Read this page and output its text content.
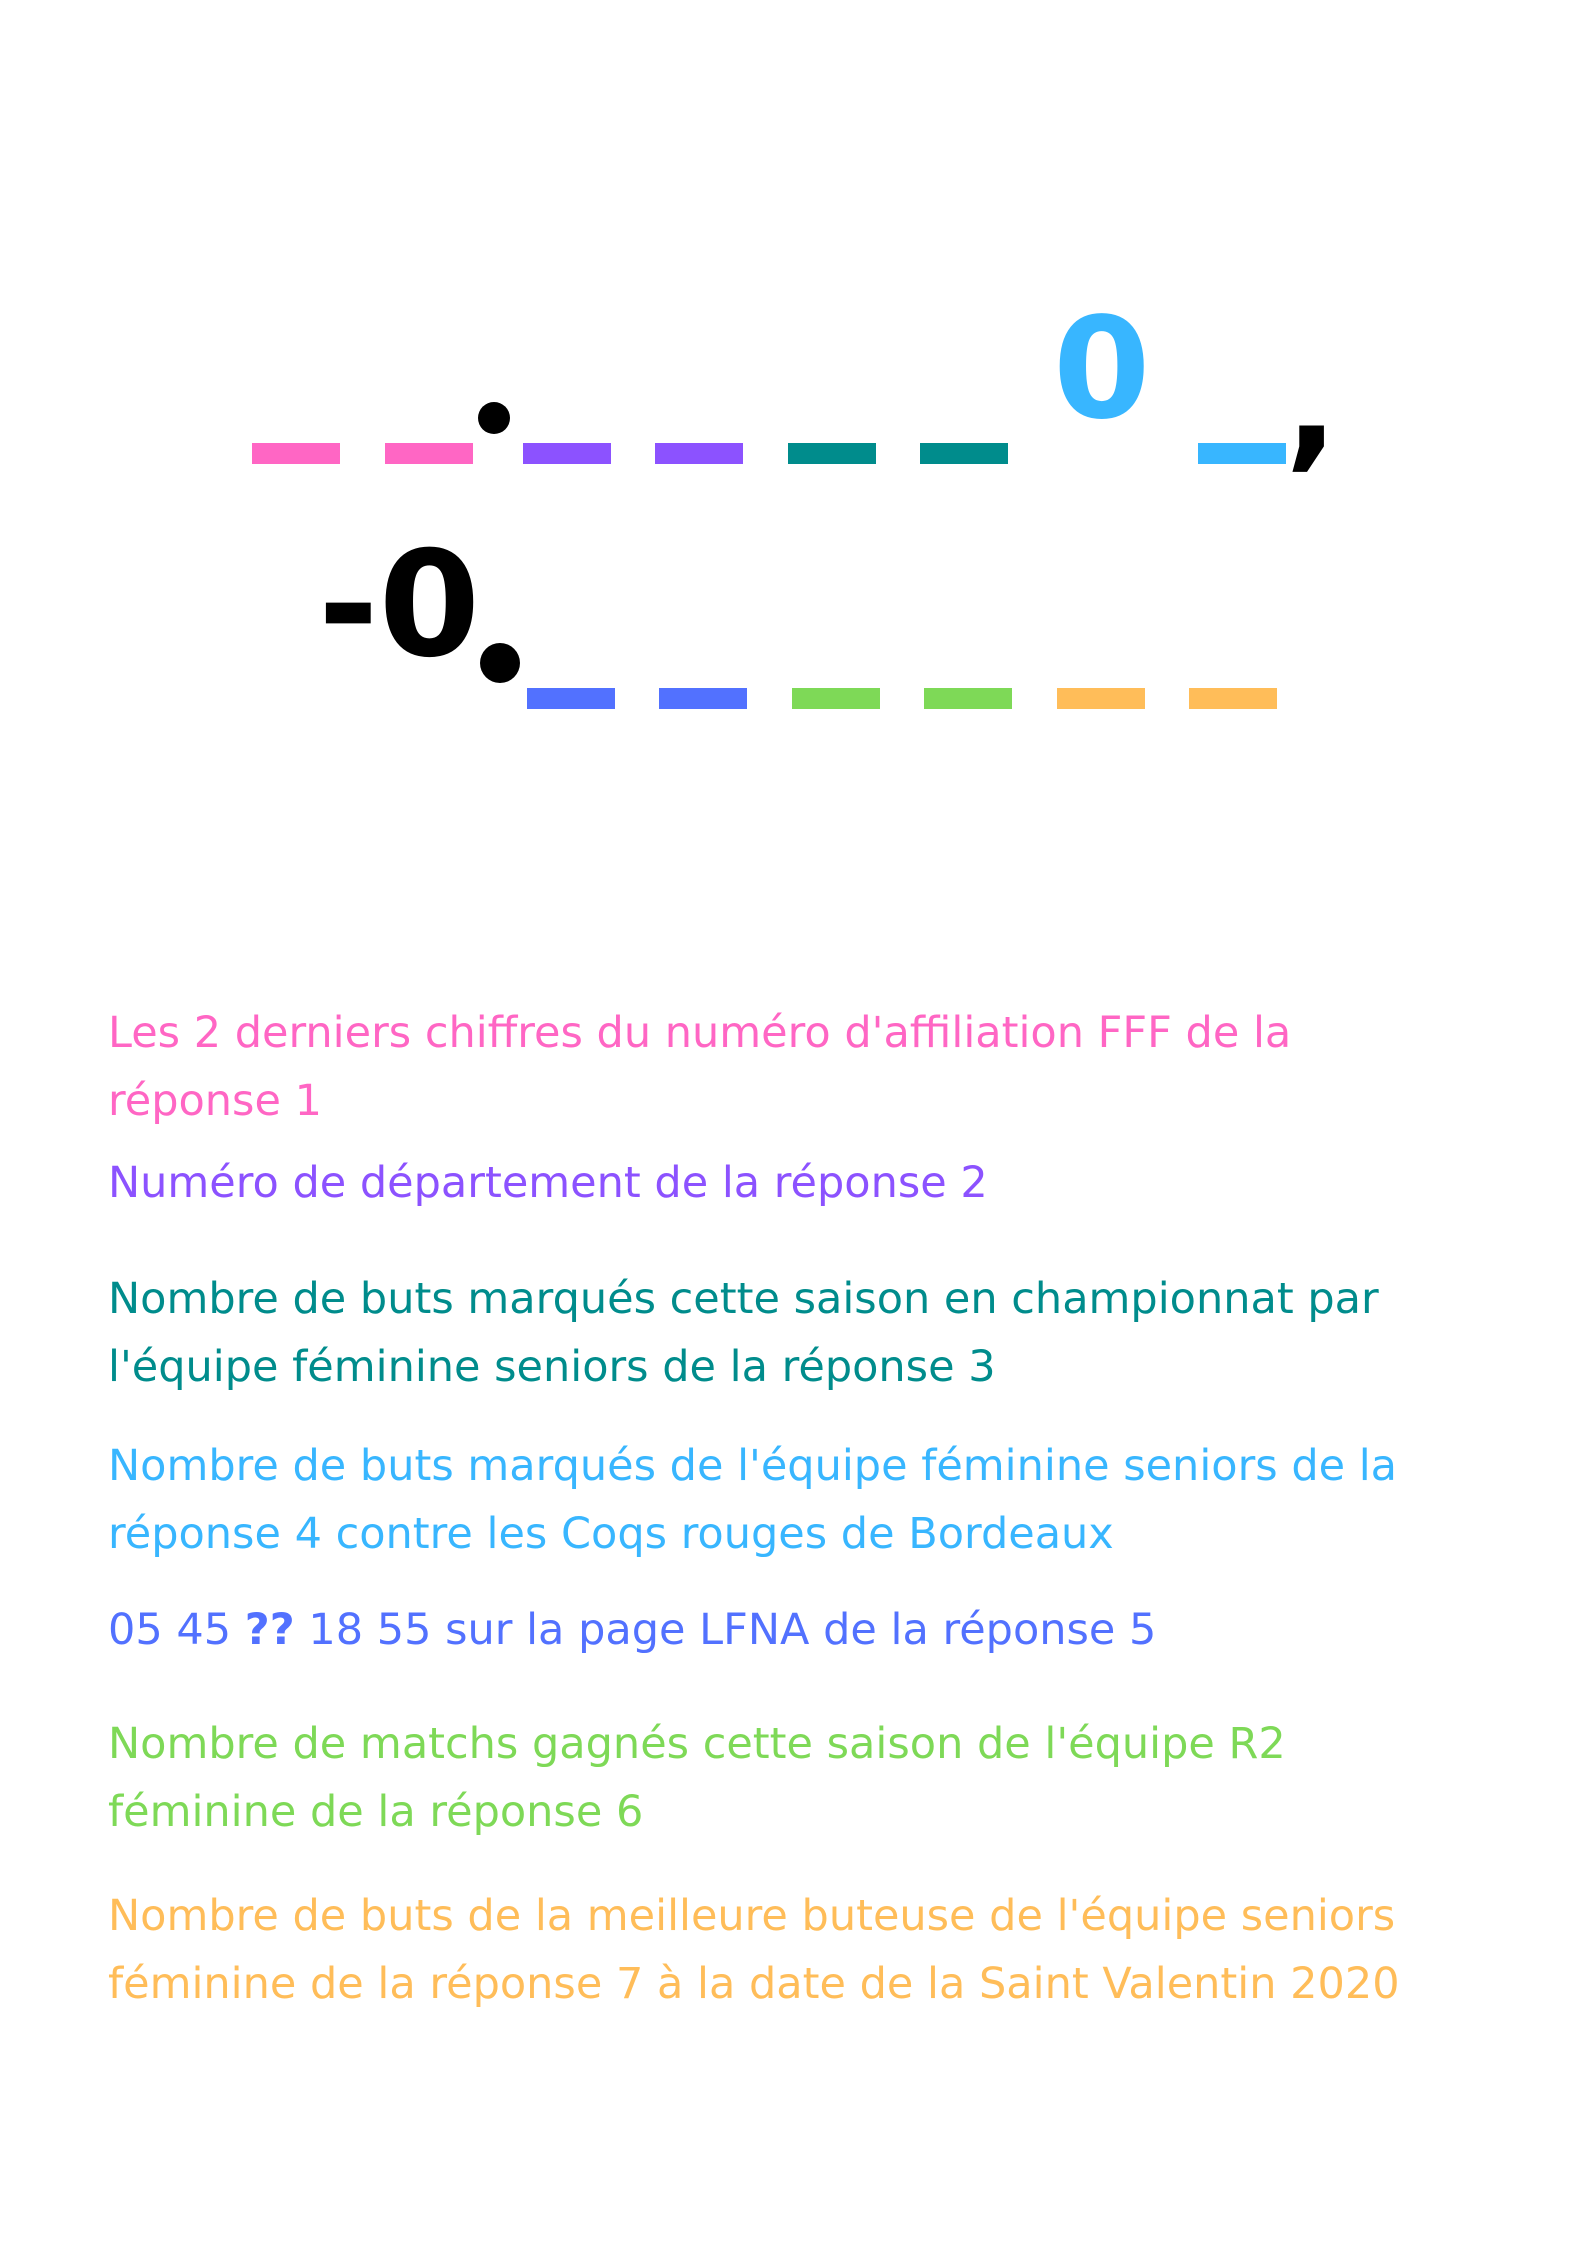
0 ,
-0

Les 2 derniers chiffres du numéro d'affiliation FFF de la
réponse 1

Numéro de département de la réponse 2

Nombre de buts marqués cette saison en championnat par
l'équipe féminine seniors de la réponse 3

Nombre de buts marqués de l'équipe féminine seniors de la
réponse 4 contre les Coqs rouges de Bordeaux

05 45 ?? 18 55 sur la page LFNA de la réponse 5

Nombre de matchs gagnés cette saison de l'équipe R2
féminine de la réponse 6

Nombre de buts de la meilleure buteuse de l'équipe seniors
féminine de la réponse 7 à la date de la Saint Valentin 2020
